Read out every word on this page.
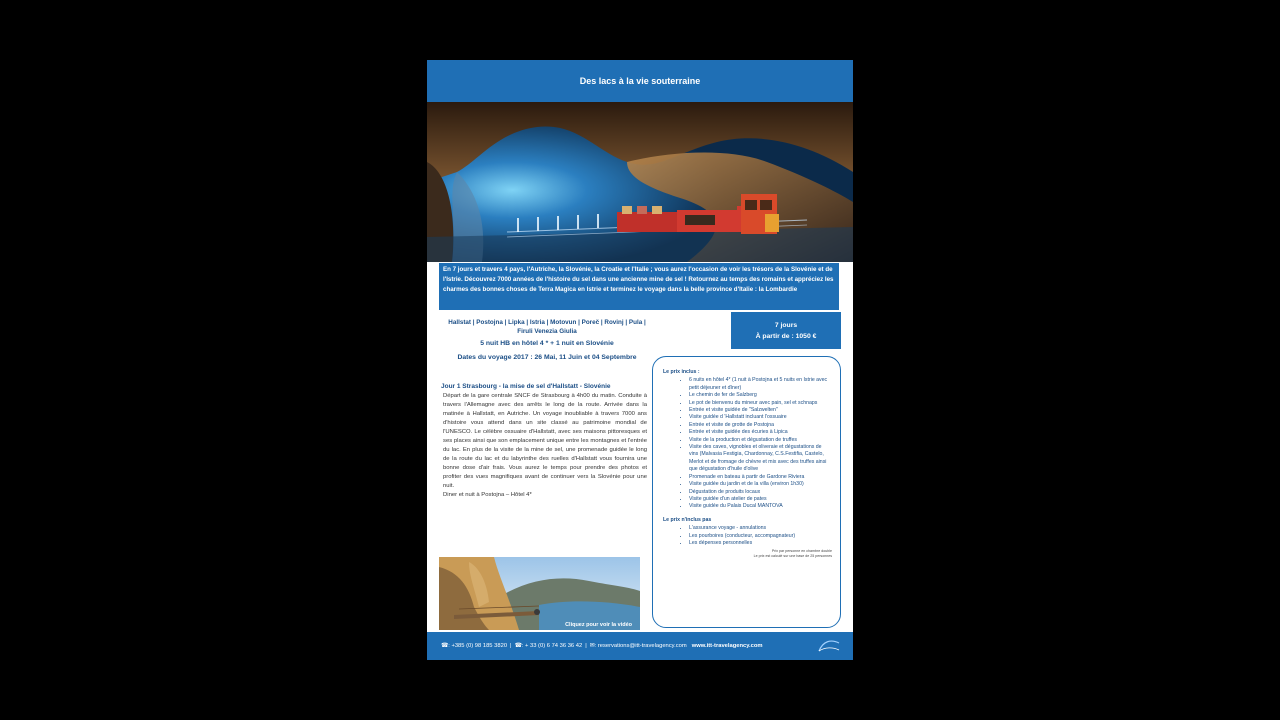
Des lacs à la vie souterraine
En 7 jours et travers 4 pays, l'Autriche, la Slovénie, la Croatie et l'Italie ; vous aurez l'occasion de voir les trésors de la Slovénie et de l'Istrie. Découvrez 7000 années de l'histoire du sel dans une ancienne mine de sel ! Retournez au temps des romains et appréciez les charmes des bonnes choses de Terra Magica en Istrie et terminez le voyage dans la belle province d'Italie : la Lombardie
Hallstat | Postojna | Lipka | Istria | Motovun | Poreč | Rovinj | Pula | Firuli Venezia Giulia
5 nuit HB en hôtel 4 * + 1 nuit en Slovénie
Dates du voyage 2017 : 26 Mai, 11 Juin et 04 Septembre
7 jours
À partir de : 1050 €
Jour 1 Strasbourg - la mise de sel d'Hallstatt - Slovénie
Départ de la gare centrale SNCF de Strasbourg à 4h00 du matin. Conduite à travers l'Allemagne avec des arrêts le long de la route. Arrivée dans la matinée à Hallstatt, en Autriche. Un voyage inoubliable à travers 7000 ans d'histoire vous attend dans un site classé au patrimoine mondial de l'UNESCO. Le célèbre ossuaire d'Hallstatt, avec ses maisons pittoresques et ses places ainsi que son emplacement unique entre les montagnes et l'entrée du lac. En plus de la visite de la mine de sel, une promenade guidée le long de la route du lac et du labyrinthe des ruelles d'Hallstatt vous fournira une bonne dose d'air frais. Vous aurez le temps pour prendre des photos et profiter des vues magnifiques avant de continuer vers la Slovénie pour une nuit.
Diner et nuit à Postojna – Hôtel 4*
Cliquez pour voir la vidéo
Le prix inclus :
• 6 nuits en hôtel 4* (1 nuit à Postojna et 5 nuits en Istrie avec petit déjeuner et dîner)
• Le chemin de fer de Salzberg
• Le pot de bienvenu du mineur avec pain, sel et schnaps
• Entrée et visite guidée de "Salzwelten"
• Visite guidée d 'Hallstatt incluant l'ossuaire
• Entrée et visite de grotte de Postojna
• Entrée et visite guidée des écuries à Lipica
• Visite de la production et dégustation de truffes
• Visite des caves, vignobles et oliveraie et dégustations de vins (Malvasia Festigia, Chardonnay, C.S.Festifia, Castelo, Merlot et de fromage de chèvre et mix avec des truffes ainsi que dégustation d'huile d'olive
• Promenade en bateau à partir de Gardone Riviera
• Visite guidée du jardin et de la villa (environ 1h30)
• Dégustation de produits locaux
• Visite guidée d'un atelier de pates
• Visite guidée du Palais Ducal MANTOVA
Le prix n'inclus pas
• L'assurance voyage - annulations
• Les pourboires (conducteur, accompagnateur)
• Les dépenses personnelles
Prix par personne en chambre double
Le prix est calculé sur une base de 25 personnes
☎: +385 (0) 98 185 3820 | ☎: + 33 (0) 6 74 36 36 42 | ✉: reservations@itt-travelagency.com www.itt-travelagency.com
